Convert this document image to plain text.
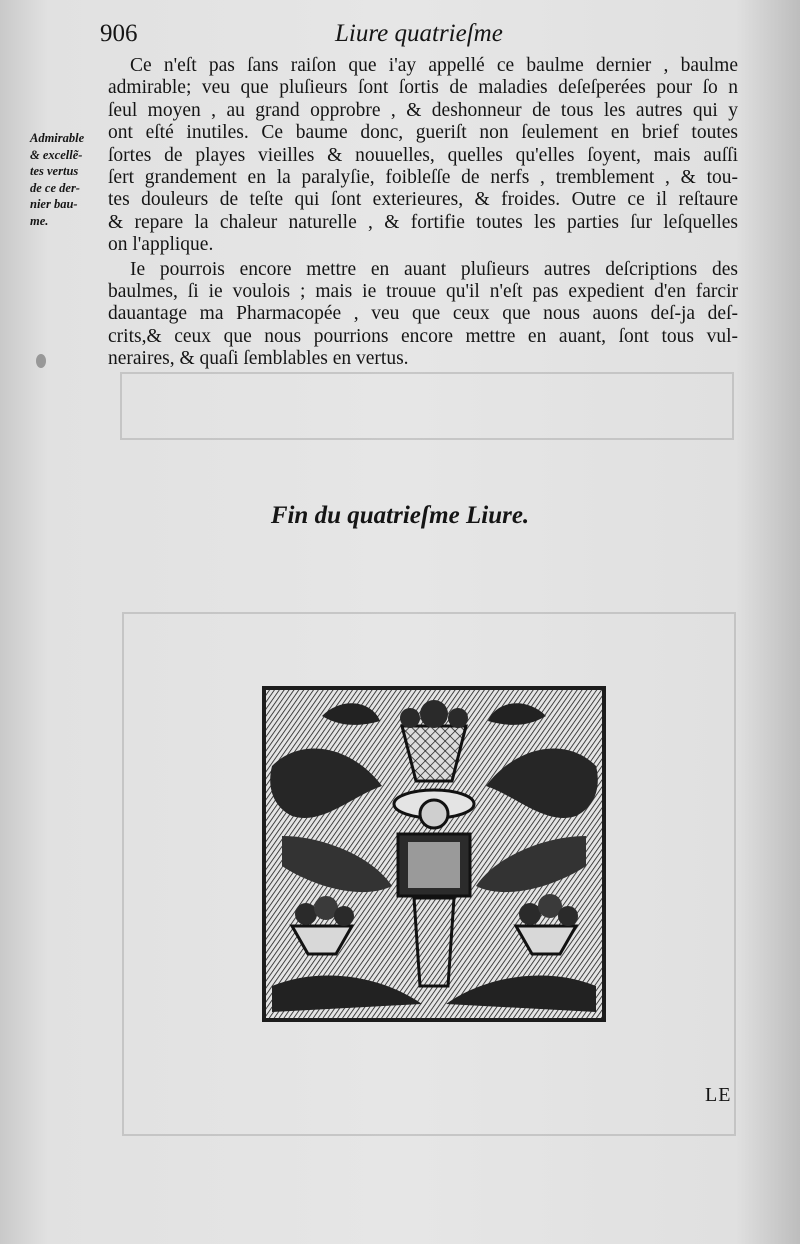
906	Liure quatrieſme
Admirable
& excellẽ-
tes vertus
de ce der-
nier bau-
me.
Ce n'eſt pas ſans raiſon que i'ay appellé ce baulme dernier , baulme
admirable; veu que pluſieurs ſont ſortis de maladies deſeſperées pour ſo n
ſeul moyen , au grand opprobre , & deshonneur de tous les autres qui y
ont eſté inutiles. Ce baume donc, gueriſt non ſeulement en brief toutes
ſortes de playes vieilles & nouuelles, quelles qu'elles ſoyent, mais auſſi
ſert grandement en la paralyſie, foibleſſe de nerfs , tremblement , & tou-
tes douleurs de teſte qui ſont exterieures, & froides. Outre ce il reſtaure
& repare la chaleur naturelle , & fortifie toutes les parties ſur leſquelles
on l'applique.
Ie pourrois encore mettre en auant pluſieurs autres deſcriptions des
baulmes, ſi ie voulois ; mais ie trouue qu'il n'eſt pas expedient d'en farcir
dauantage ma Pharmacopée , veu que ceux que nous auons deſ-ja deſ-
crits,& ceux que nous pourrions encore mettre en auant, ſont tous vul-
neraires, & quaſi ſemblables en vertus.
Fin du quatrieſme Liure.
LE
